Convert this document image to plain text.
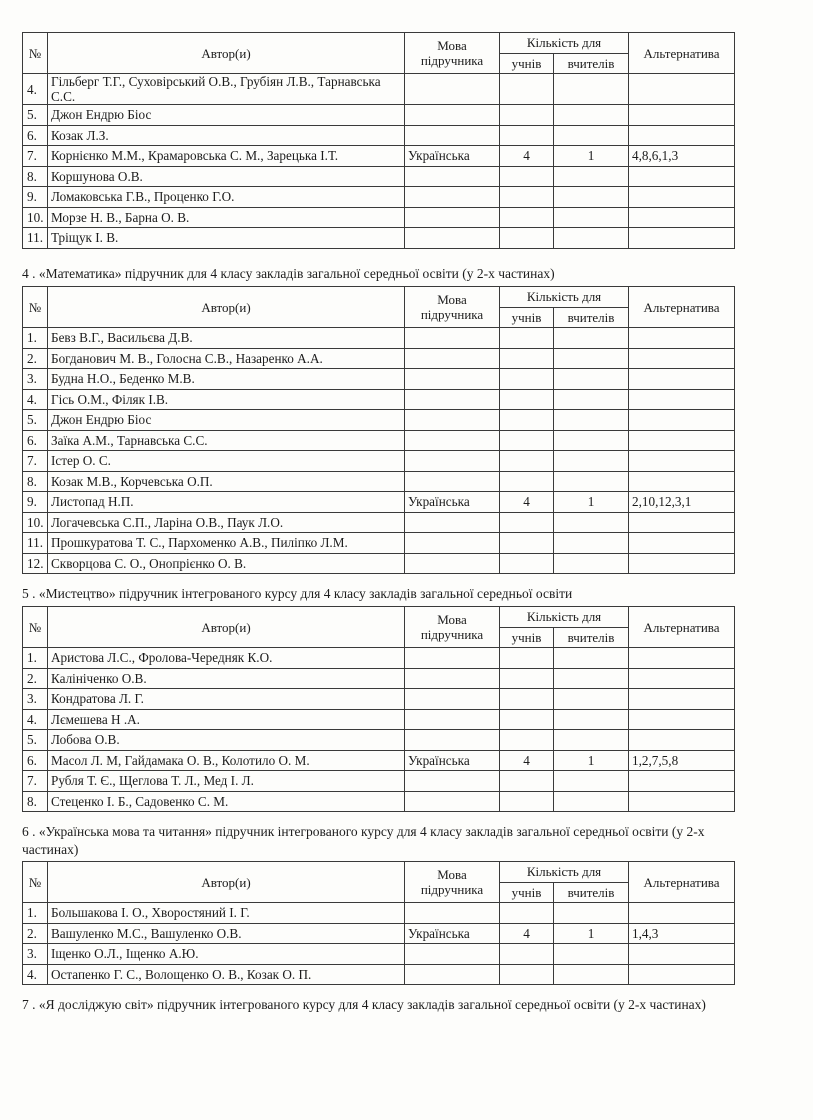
№	Автор(и)	Мова підручника	Кількість для		Альтернатива
			учнів	вчителів	
4.	Гільберг Т.Г., Суховірський О.В., Грубіян Л.В., Тарнавська С.С.				
5.	Джон Ендрю Біос				
6.	Козак Л.З.				
7.	Корнієнко М.М., Крамаровська С. М., Зарецька І.Т.	Українська	4	1	4,8,6,1,3
8.	Коршунова О.В.				
9.	Ломаковська Г.В., Проценко Г.О.				
10.	Морзе Н. В., Барна О. В.				
11.	Тріщук І. В.				
4 . «Математика» підручник для 4 класу закладів загальної середньої освіти (у 2-х частинах)
№	Автор(и)	Мова підручника	Кількість для		Альтернатива
			учнів	вчителів	
1.	Бевз В.Г., Васильєва Д.В.				
2.	Богданович М. В., Голосна С.В., Назаренко А.А.				
3.	Будна Н.О., Беденко М.В.				
4.	Гісь О.М., Філяк І.В.				
5.	Джон Ендрю Біос				
6.	Заїка А.М., Тарнавська С.С.				
7.	Істер О. С.				
8.	Козак М.В., Корчевська О.П.				
9.	Листопад Н.П.	Українська	4	1	2,10,12,3,1
10.	Логачевська С.П., Ларіна О.В., Паук Л.О.				
11.	Прошкуратова Т. С., Пархоменко А.В., Пиліпко Л.М.				
12.	Скворцова С. О., Онопрієнко О. В.				
5 . «Мистецтво» підручник інтегрованого курсу для 4 класу закладів загальної середньої освіти
№	Автор(и)	Мова підручника	Кількість для		Альтернатива
			учнів	вчителів	
1.	Аристова Л.С., Фролова-Чередняк К.О.				
2.	Калініченко О.В.				
3.	Кондратова Л. Г.				
4.	Лємешева Н .А.				
5.	Лобова О.В.				
6.	Масол Л. М, Гайдамака О. В., Колотило О. М.	Українська	4	1	1,2,7,5,8
7.	Рубля Т. Є., Щеглова Т. Л., Мед І. Л.				
8.	Стеценко І. Б., Садовенко С. М.				
6 . «Українська мова та читання» підручник інтегрованого курсу для 4 класу закладів загальної середньої освіти (у 2-х частинах)
№	Автор(и)	Мова підручника	Кількість для		Альтернатива
			учнів	вчителів	
1.	Большакова І. О., Хворостяний І. Г.				
2.	Вашуленко М.С., Вашуленко О.В.	Українська	4	1	1,4,3
3.	Іщенко О.Л., Іщенко А.Ю.				
4.	Остапенко Г. С., Волощенко О. В., Козак О. П.				
7 . «Я досліджую світ» підручник інтегрованого курсу для 4 класу закладів загальної середньої освіти (у 2-х частинах)
